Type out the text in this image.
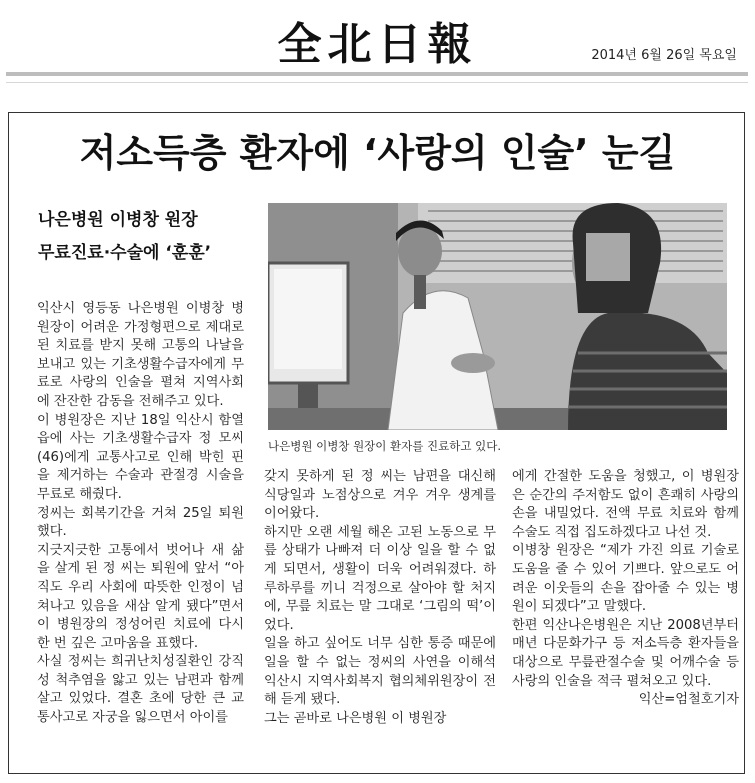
全北日報	2014년 6월 26일 목요일
저소득층 환자에 ‘사랑의 인술’ 눈길
나은병원 이병창 원장
무료진료·수술에 ‘훈훈’
나은병원 이병창 원장이 환자를 진료하고 있다.

익산시 영등동 나은병원 이병창 병원장이 어려운 가정형편으로 제대로 된 치료를 받지 못해 고통의 나날을 보내고 있는 기초생활수급자에게 무료로 사랑의 인술을 펼쳐 지역사회에 잔잔한 감동을 전해주고 있다.

이 병원장은 지난 18일 익산시 함열읍에 사는 기초생활수급자 정 모씨(46)에게 교통사고로 인해 박힌 핀을 제거하는 수술과 관절경 시술을 무료로 해줬다.

정씨는 회복기간을 거쳐 25일 퇴원했다.

지긋지긋한 고통에서 벗어나 새 삶을 살게 된 정 씨는 퇴원에 앞서 “아직도 우리 사회에 따뜻한 인정이 넘쳐나고 있음을 새삼 알게 됐다”면서 이 병원장의 정성어린 치료에 다시 한 번 깊은 고마움을 표했다.

사실 정씨는 희귀난치성질환인 강직성 척추염을 앓고 있는 남편과 함께 살고 있었다. 결혼 초에 당한 큰 교통사고로 자궁을 잃으면서 아이를

갖지 못하게 된 정 씨는 남편을 대신해 식당일과 노점상으로 겨우 겨우 생계를 이어왔다.

하지만 오랜 세월 해온 고된 노동으로 무릎 상태가 나빠져 더 이상 일을 할 수 없게 되면서, 생활이 더욱 어려워졌다. 하루하루를 끼니 걱정으로 살아야 할 처지에, 무릎 치료는 말 그대로 ‘그림의 떡’이었다.

일을 하고 싶어도 너무 심한 통증 때문에 일을 할 수 없는 정씨의 사연을 이해석 익산시 지역사회복지 협의체위원장이 전해 듣게 됐다.

그는 곧바로 나은병원 이 병원장

에게 간절한 도움을 청했고, 이 병원장은 순간의 주저함도 없이 흔쾌히 사랑의 손을 내밀었다. 전액 무료 치료와 함께 수술도 직접 집도하겠다고 나선 것.

이병창 원장은 “제가 가진 의료 기술로 도움을 줄 수 있어 기쁘다. 앞으로도 어려운 이웃들의 손을 잡아줄 수 있는 병원이 되겠다”고 말했다.

한편 익산나은병원은 지난 2008년부터 매년 다문화가구 등 저소득층 환자들을 대상으로 무릎관절수술 및 어깨수술 등 사랑의 인술을 적극 펼쳐오고 있다.

익산=엄철호기자
